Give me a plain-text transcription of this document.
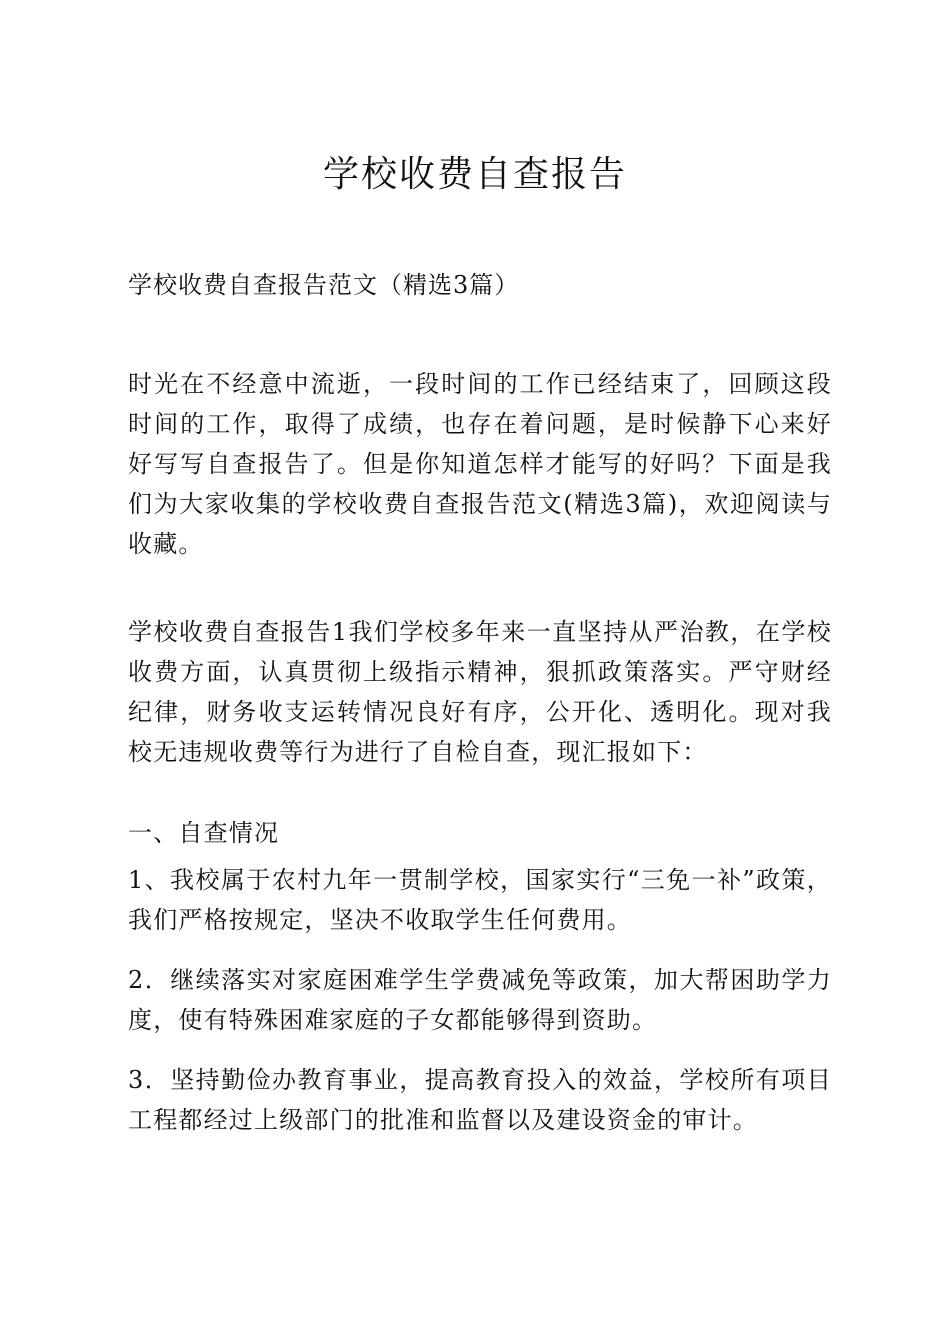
学校收费自查报告

学校收费自查报告范文（精选3篇）

时光在不经意中流逝，一段时间的工作已经结束了，回顾这段时间的工作，取得了成绩，也存在着问题，是时候静下心来好好写写自查报告了。但是你知道怎样才能写的好吗？下面是我们为大家收集的学校收费自查报告范文(精选3篇)，欢迎阅读与收藏。

学校收费自查报告1我们学校多年来一直坚持从严治教，在学校收费方面，认真贯彻上级指示精神，狠抓政策落实。严守财经纪律，财务收支运转情况良好有序，公开化、透明化。现对我校无违规收费等行为进行了自检自查，现汇报如下：

一、自查情况

1、我校属于农村九年一贯制学校，国家实行“三免一补”政策，我们严格按规定，坚决不收取学生任何费用。

2．继续落实对家庭困难学生学费减免等政策，加大帮困助学力度，使有特殊困难家庭的子女都能够得到资助。

3．坚持勤俭办教育事业，提高教育投入的效益，学校所有项目工程都经过上级部门的批准和监督以及建设资金的审计。
